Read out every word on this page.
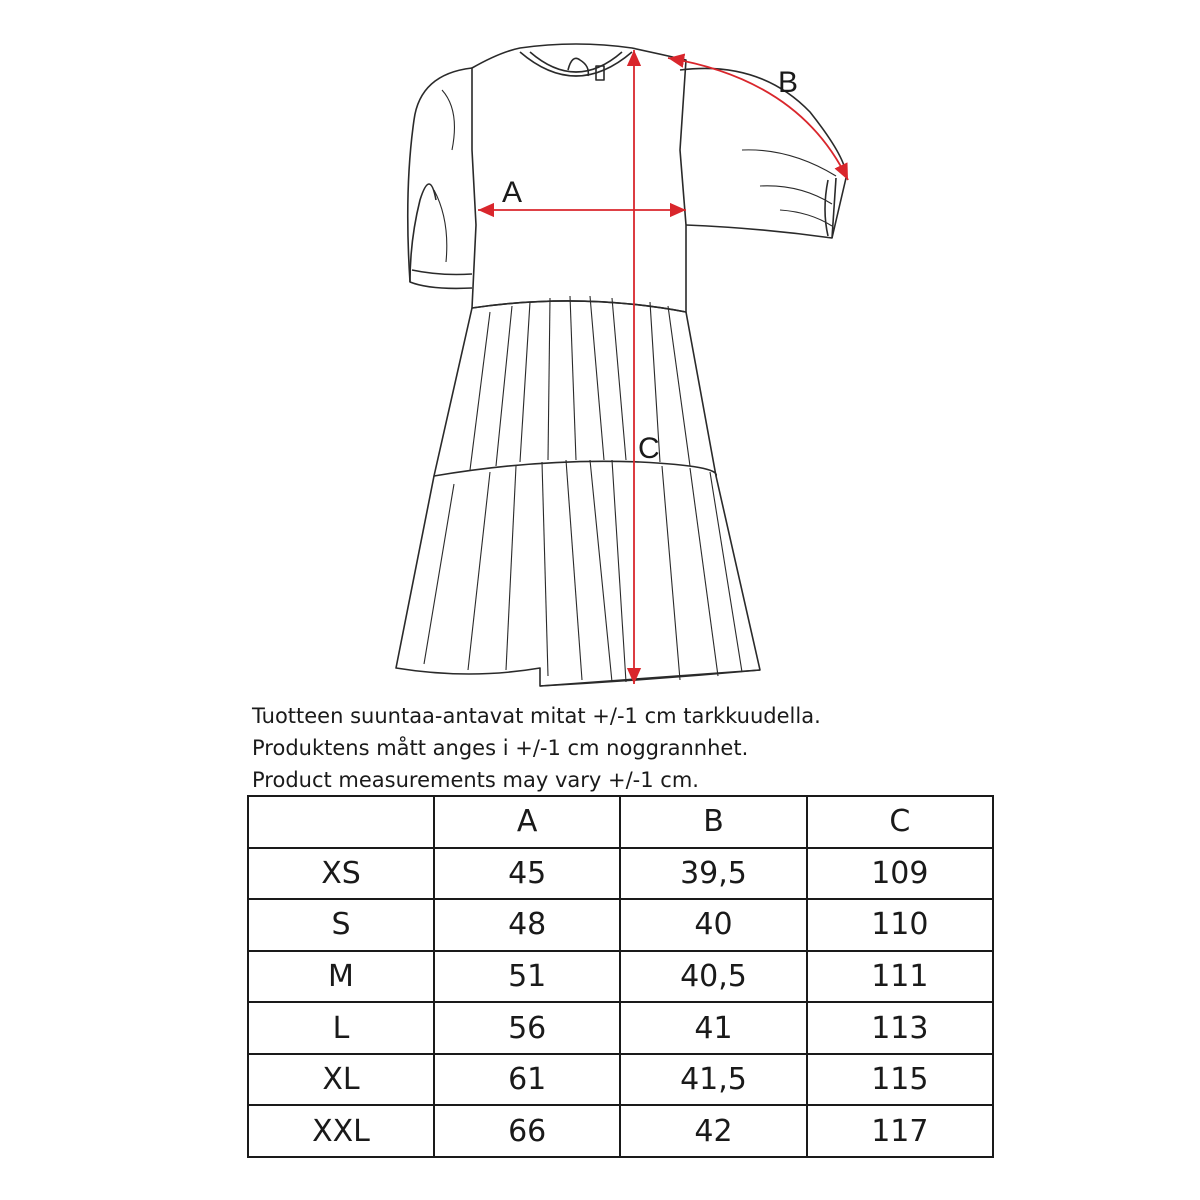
A
B
C
Tuotteen suuntaa-antavat mitat +/-1 cm tarkkuudella.
Produktens mått anges i +/-1 cm noggrannhet.
Product measurements may vary +/-1 cm.
	A	B	C
XS	45	39,5	109
S	48	40	110
M	51	40,5	111
L	56	41	113
XL	61	41,5	115
XXL	66	42	117
